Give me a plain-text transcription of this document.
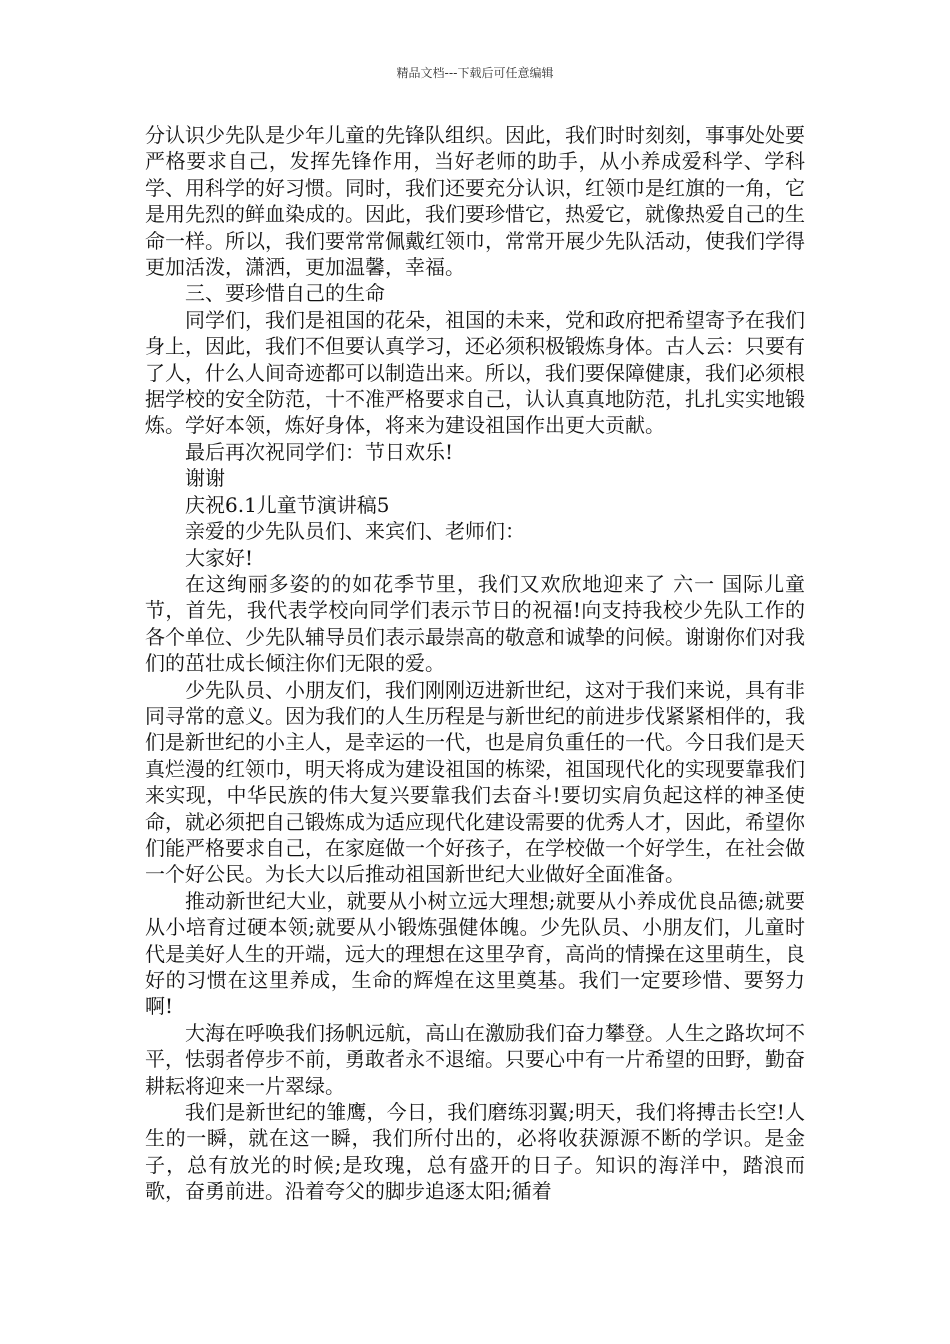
精品文档---下载后可任意编辑

分认识少先队是少年儿童的先锋队组织。因此，我们时时刻刻，事事处处要严格要求自己，发挥先锋作用，当好老师的助手，从小养成爱科学、学科学、用科学的好习惯。同时，我们还要充分认识，红领巾是红旗的一角，它是用先烈的鲜血染成的。因此，我们要珍惜它，热爱它，就像热爱自己的生命一样。所以，我们要常常佩戴红领巾，常常开展少先队活动，使我们学得更加活泼，潇洒，更加温馨，幸福。

三、要珍惜自己的生命

同学们，我们是祖国的花朵，祖国的未来，党和政府把希望寄予在我们身上，因此，我们不但要认真学习，还必须积极锻炼身体。古人云：只要有了人，什么人间奇迹都可以制造出来。所以，我们要保障健康，我们必须根据学校的安全防范，十不准严格要求自己，认认真真地防范，扎扎实实地锻炼。学好本领，炼好身体，将来为建设祖国作出更大贡献。

最后再次祝同学们：节日欢乐!

谢谢

庆祝6.1儿童节演讲稿5

亲爱的少先队员们、来宾们、老师们：

大家好!

在这绚丽多姿的的如花季节里，我们又欢欣地迎来了 六一 国际儿童节，首先，我代表学校向同学们表示节日的祝福!向支持我校少先队工作的各个单位、少先队辅导员们表示最崇高的敬意和诚挚的问候。谢谢你们对我们的茁壮成长倾注你们无限的爱。

少先队员、小朋友们，我们刚刚迈进新世纪，这对于我们来说，具有非同寻常的意义。因为我们的人生历程是与新世纪的前进步伐紧紧相伴的，我们是新世纪的小主人，是幸运的一代，也是肩负重任的一代。今日我们是天真烂漫的红领巾，明天将成为建设祖国的栋梁，祖国现代化的实现要靠我们来实现，中华民族的伟大复兴要靠我们去奋斗!要切实肩负起这样的神圣使命，就必须把自己锻炼成为适应现代化建设需要的优秀人才，因此，希望你们能严格要求自己，在家庭做一个好孩子，在学校做一个好学生，在社会做一个好公民。为长大以后推动祖国新世纪大业做好全面准备。

推动新世纪大业，就要从小树立远大理想;就要从小养成优良品德;就要从小培育过硬本领;就要从小锻炼强健体魄。少先队员、小朋友们，儿童时代是美好人生的开端，远大的理想在这里孕育，高尚的情操在这里萌生，良好的习惯在这里养成，生命的辉煌在这里奠基。我们一定要珍惜、要努力啊!

大海在呼唤我们扬帆远航，高山在激励我们奋力攀登。人生之路坎坷不平，怯弱者停步不前，勇敢者永不退缩。只要心中有一片希望的田野，勤奋耕耘将迎来一片翠绿。

我们是新世纪的雏鹰，今日，我们磨练羽翼;明天，我们将搏击长空!人生的一瞬，就在这一瞬，我们所付出的，必将收获源源不断的学识。是金子，总有放光的时候;是玫瑰，总有盛开的日子。知识的海洋中，踏浪而歌，奋勇前进。沿着夸父的脚步追逐太阳;循着
